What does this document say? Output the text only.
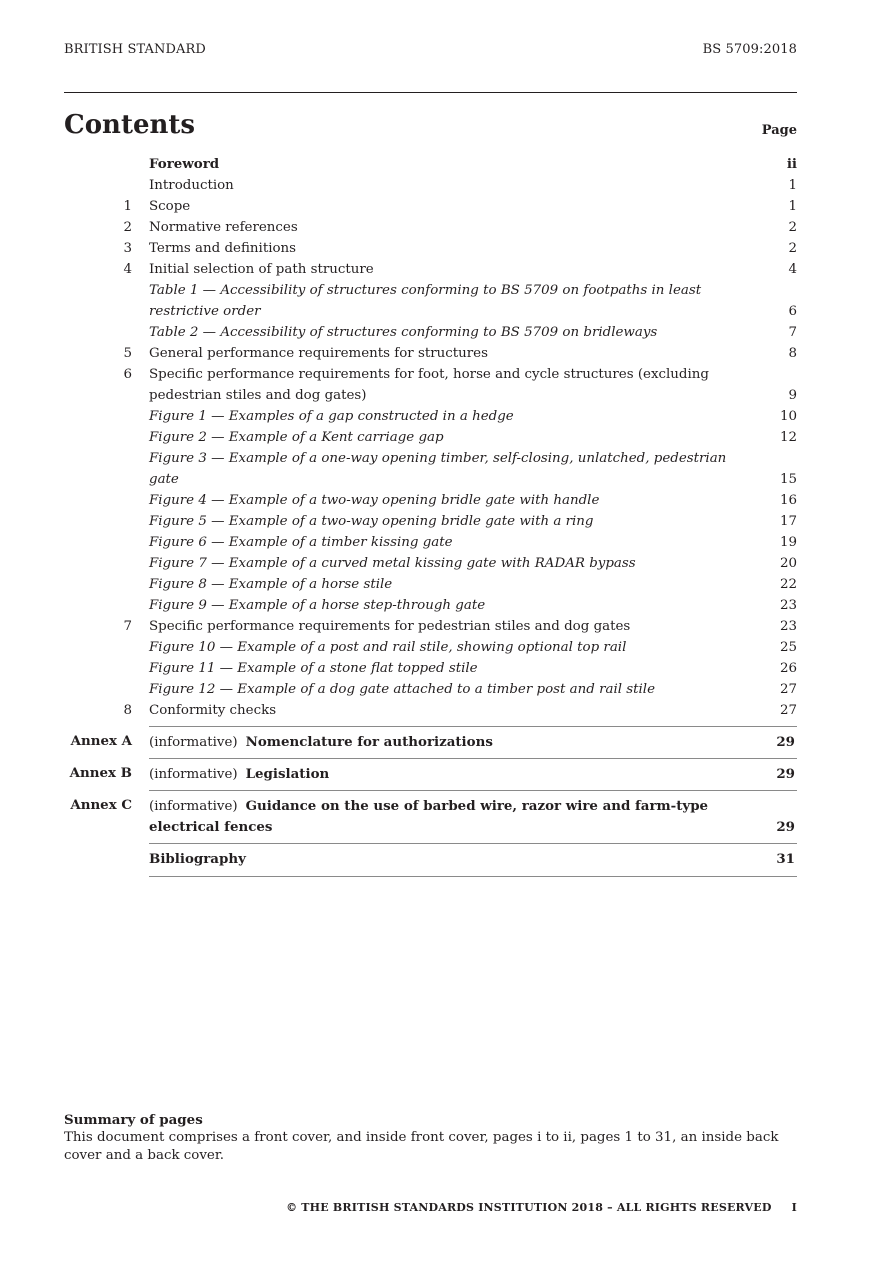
BRITISH STANDARD	BS 5709:2018
Contents	Page
Foreword	ii
Introduction	1
1 Scope	1
2 Normative references	2
3 Terms and definitions	2
4 Initial selection of path structure	4
Table 1 — Accessibility of structures conforming to BS 5709 on footpaths in least restrictive order	6
Table 2 — Accessibility of structures conforming to BS 5709 on bridleways	7
5 General performance requirements for structures	8
6 Specific performance requirements for foot, horse and cycle structures (excluding pedestrian stiles and dog gates)	9
Figure 1 — Examples of a gap constructed in a hedge	10
Figure 2 — Example of a Kent carriage gap	12
Figure 3 — Example of a one-way opening timber, self-closing, unlatched, pedestrian gate	15
Figure 4 — Example of a two-way opening bridle gate with handle	16
Figure 5 — Example of a two-way opening bridle gate with a ring	17
Figure 6 — Example of a timber kissing gate	19
Figure 7 — Example of a curved metal kissing gate with RADAR bypass	20
Figure 8 — Example of a horse stile	22
Figure 9 — Example of a horse step-through gate	23
7 Specific performance requirements for pedestrian stiles and dog gates	23
Figure 10 — Example of a post and rail stile, showing optional top rail	25
Figure 11 — Example of a stone flat topped stile	26
Figure 12 — Example of a dog gate attached to a timber post and rail stile	27
8 Conformity checks	27
Annex A (informative) Nomenclature for authorizations	29
Annex B (informative) Legislation	29
Annex C (informative) Guidance on the use of barbed wire, razor wire and farm-type electrical fences	29
Bibliography	31
Summary of pages
This document comprises a front cover, and inside front cover, pages i to ii, pages 1 to 31, an inside back cover and a back cover.
© THE BRITISH STANDARDS INSTITUTION 2018 – ALL RIGHTS RESERVED I
